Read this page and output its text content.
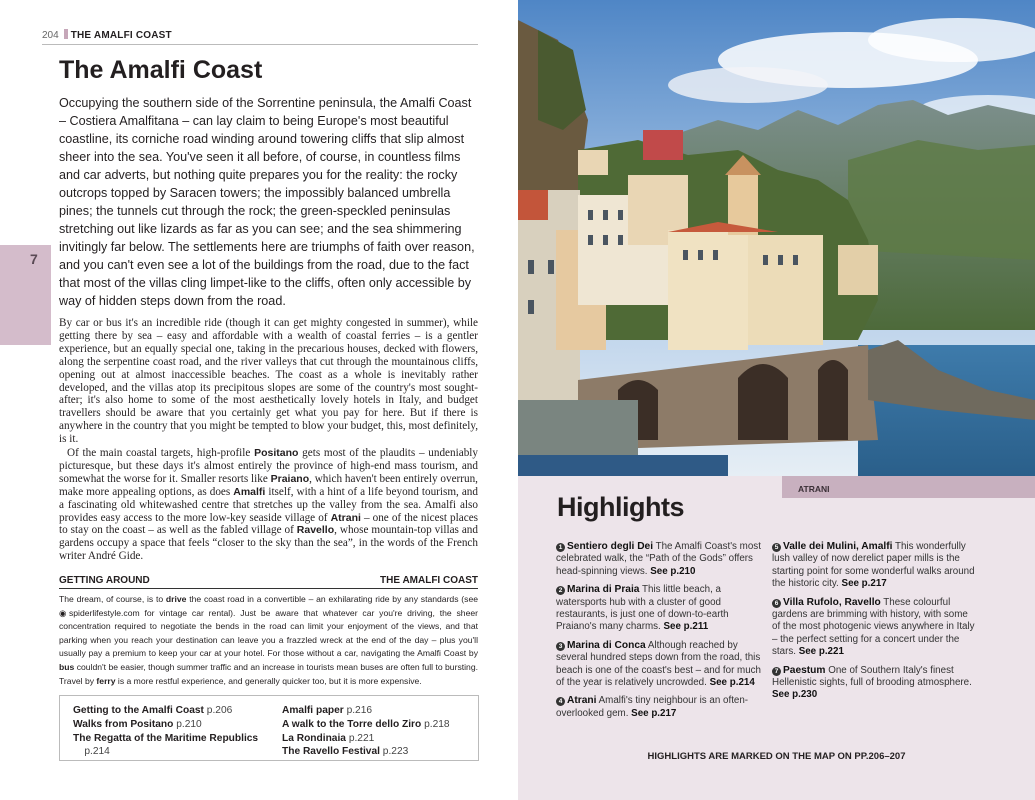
204 THE AMALFI COAST
7
The Amalfi Coast

Occupying the southern side of the Sorrentine peninsula, the Amalfi Coast – Costiera Amalfitana – can lay claim to being Europe's most beautiful coastline, its corniche road winding around towering cliffs that slip almost sheer into the sea. You've seen it all before, of course, in countless films and car adverts, but nothing quite prepares you for the reality: the rocky outcrops topped by Saracen towers; the impossibly balanced umbrella pines; the tunnels cut through the rock; the green-speckled peninsulas stretching out like lizards as far as you can see; and the sea shimmering invitingly far below. The settlements here are triumphs of faith over reason, and you can't even see a lot of the buildings from the road, due to the fact that most of the villas cling limpet-like to the cliffs, often only accessible by way of hidden steps down from the road.

By car or bus it's an incredible ride (though it can get mighty congested in summer), while getting there by sea – easy and affordable with a wealth of coastal ferries – is a gentler experience, but an equally special one, taking in the precarious houses, decked with flowers, along the serpentine coast road, and the river valleys that cut through the mountainous cliffs, opening out at almost inaccessible beaches. The coast as a whole is inevitably rather developed, and the villas atop its precipitous slopes are some of the country's most sought-after; it's also home to some of the most aesthetically lovely hotels in Italy, and budget travellers should be aware that you certainly get what you pay for here. But if there is anywhere in the country that you might be tempted to blow your budget, this, most definitely, is it.

Of the main coastal targets, high-profile Positano gets most of the plaudits – undeniably picturesque, but these days it's almost entirely the province of high-end mass tourism, and somewhat the worse for it. Smaller resorts like Praiano, which haven't been entirely overrun, make more appealing options, as does Amalfi itself, with a hint of a life beyond tourism, and a fascinating old whitewashed centre that stretches up the valley from the sea. Amalfi also provides easy access to the more low-key seaside village of Atrani – one of the nicest places to stay on the coast – as well as the fabled village of Ravello, whose mountain-top villas and gardens occupy a space that feels “closer to the sky than the sea”, in the words of the French writer André Gide.

GETTING AROUND	THE AMALFI COAST

The dream, of course, is to drive the coast road in a convertible – an exhilarating ride by any standards (see ◉spiderlifestyle.com for vintage car rental). Just be aware that whatever car you're driving, the sheer concentration required to negotiate the bends in the road can limit your enjoyment of the views, and that parking when you reach your destination can leave you a frazzled wreck at the end of the day – plus you'll usually pay a premium to keep your car at your hotel. For those without a car, navigating the Amalfi Coast by bus couldn't be easier, though summer traffic and an increase in tourists mean buses are often full to bursting. Travel by ferry is a more restful experience, and generally quicker too, but it is more expensive.

Getting to the Amalfi Coast p.206
Walks from Positano p.210
The Regatta of the Maritime Republics
p.214
Amalfi paper p.216
A walk to the Torre dello Ziro p.218
La Rondinaia p.221
The Ravello Festival p.223
ATRANI
Highlights
1 Sentiero degli Dei The Amalfi Coast's most celebrated walk, the “Path of the Gods” offers head-spinning views. See p.210
2 Marina di Praia This little beach, a watersports hub with a cluster of good restaurants, is just one of down-to-earth Praiano's many charms. See p.211
3 Marina di Conca Although reached by several hundred steps down from the road, this beach is one of the coast's best – and for much of the year is relatively uncrowded. See p.214
4 Atrani Amalfi's tiny neighbour is an often-overlooked gem. See p.217
5 Valle dei Mulini, Amalfi This wonderfully lush valley of now derelict paper mills is the starting point for some wonderful walks around the historic city. See p.217
6 Villa Rufolo, Ravello These colourful gardens are brimming with history, with some of the most photogenic views anywhere in Italy – the perfect setting for a concert under the stars. See p.221
7 Paestum One of Southern Italy's finest Hellenistic sights, full of brooding atmosphere. See p.230
HIGHLIGHTS ARE MARKED ON THE MAP ON PP.206–207
